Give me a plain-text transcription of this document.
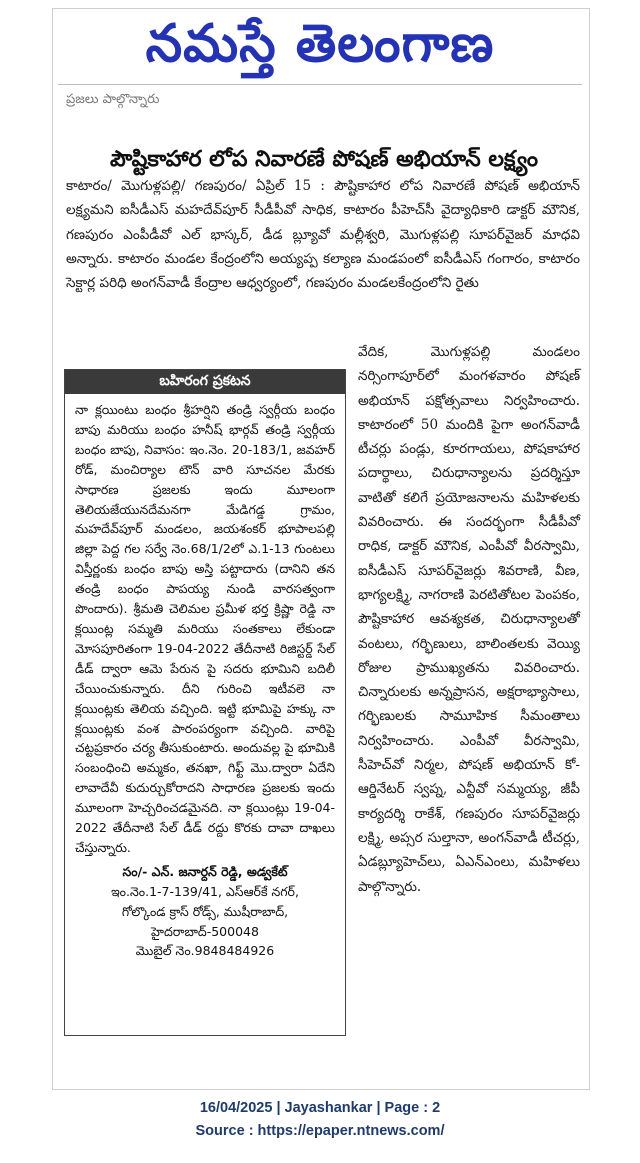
నమస్తే తెలంగాణ
ప్రజలు పాల్గొన్నారు
పౌష్టికాహార లోప నివారణే పోషణ్‌ అభియాన్‌ లక్ష్యం
కాటారం/ మొగుళ్లపల్లి/ గణపురం/ ఏప్రిల్‌ 15 : పౌష్టికాహార లోప నివారణే పోషణ్‌ అభియాన్‌ లక్ష్యమని ఐసీడీఎస్‌ మహదేవ్‌పూర్‌ సీడీపీవో సాధిక, కాటారం పీహెచ్‌సీ వైద్యాధికారి డాక్టర్‌ మౌనిక, గణపురం ఎంపీడీవో ఎల్‌ భాస్కర్‌, డీడ బ్ల్యూవో మల్లీశ్వరి, మొగుళ్లపల్లి సూపర్‌వైజర్‌ మాధవి అన్నారు. కాటారం మండల కేంద్రంలోని అయ్యప్ప కల్యాణ మండపంలో ఐసీడీఎస్‌ గంగారం, కాటారం సెక్టార్ల పరిధి అంగన్‌వాడీ కేంద్రాల ఆధ్వర్యంలో, గణపురం మండలకేంద్రంలోని రైతు
బహిరంగ ప్రకటన
నా క్లయింటు బంధం శ్రీహర్షిని తండ్రి స్వర్గీయ బంధం బాపు మరియు బంధం హనీష్‌ భార్గవ్‌ తండ్రి స్వర్గీయ బంధం బాపు, నివాసం: ఇం.నెం. 20-183/1, జవహర్‌ రోడ్‌, మంచిర్యాల టౌన్‌ వారి సూచనల మేరకు సాధారణ ప్రజలకు ఇందు మూలంగా తెలియజేయునదేమనగా మేడిగడ్డ గ్రామం, మహదేవ్‌పూర్‌ మండలం, జయశంకర్‌ భూపాలపల్లి జిల్లా పెద్ద గల సర్వే నెం.68/1/2లో ఎ.1-13 గుంటలు విస్తీర్ణంకు బంధం బాపు అస్తి పట్టాదారు (దానిని తన తండ్రి బంధం పాపయ్య నుండి వారసత్వంగా పొందారు). శ్రీమతి చెలిమల ప్రమీళ భర్త క్రిష్ణా రెడ్డి నా క్లయింట్ల సమ్మతి మరియు సంతకాలు లేకుండా మోసపూరితంగా 19-04-2022 తేదీనాటి రిజిస్టర్డ్‌ సేల్‌ డీడ్‌ ద్వారా ఆమె పేరున పై సదరు భూమిని బదిలీ చేయించుకున్నారు. దీని గురించి ఇటీవలె నా క్లయింట్లకు తెలియ వచ్చింది. ఇట్టి భూమిపై హక్కు నా క్లయింట్లకు వంశ పారంపర్యంగా వచ్చింది. వారిపై చట్టప్రకారం చర్య తీసుకుంటారు. అందువల్ల పై భూమికి సంబంధించి అమ్మకం, తనఖా, గిఫ్ట్‌ మొ.ద్వారా ఏదేని లావాదేవీ కుదుర్చుకోరాదని సాధారణ ప్రజలకు ఇందు మూలంగా హెచ్చరించడమైనది. నా క్లయింట్లు 19-04-2022 తేదీనాటి సేల్‌ డీడ్‌ రద్దు కొరకు దావా దాఖలు చేస్తున్నారు.
సం/- ఎన్‌. జనార్దన్‌ రెడ్డి, అడ్వకేట్‌
ఇం.నెం.1-7-139/41, ఎస్‌ఆర్‌కే నగర్‌,
గోల్కొండ క్రాస్‌ రోడ్స్‌, ముషీరాబాద్‌,
హైదరాబాద్‌-500048
మొబైల్‌ నెం.9848484926
వేదిక, మొగుళ్లపల్లి మండలం నర్సింగాపూర్‌లో మంగళవారం పోషణ్‌ అభియాన్‌ పక్షోత్సవాలు నిర్వహించారు. కాటారంలో 50 మందికి పైగా అంగన్‌వాడీ టీచర్లు పండ్లు, కూరగాయలు, పోషకాహార పదార్థాలు, చిరుధాన్యాలను ప్రదర్శిస్తూ వాటితో కలిగే ప్రయోజనాలను మహిళలకు వివరించారు. ఈ సందర్భంగా సీడీపీవో రాధిక, డాక్టర్‌ మౌనిక, ఎంపీవో వీరస్వామి, ఐసీడీఎస్‌ సూపర్‌వైజర్లు శివరాణి, వీణ, భాగ్యలక్ష్మి, నాగరాణి పెరటితోటల పెంపకం, పౌష్టికాహార ఆవశ్యకత, చిరుధాన్యాలతో వంటలు, గర్భిణులు, బాలింతలకు వెయ్యి రోజుల ప్రాముఖ్యతను వివరించారు. చిన్నారులకు అన్నప్రాసన, అక్షరాభ్యాసాలు, గర్భిణులకు సామూహిక సీమంతాలు నిర్వహించారు. ఎంపీవో వీరస్వామి, సీహెచ్‌వో నిర్మల, పోషణ్‌ అభియాన్‌ కో-ఆర్డినేటర్‌ స్వప్న, ఎన్టీవో సమ్మయ్య, జీపీ కార్యదర్శి రాకేశ్‌, గణపురం సూపర్‌వైజర్లు లక్ష్మి, అప్సర సుల్తానా, అంగన్‌వాడీ టీచర్లు, ఏడబ్ల్యూహెచ్‌లు, ఏఎన్‌ఎంలు, మహిళలు పాల్గొన్నారు.
16/04/2025 | Jayashankar | Page : 2
Source : https://epaper.ntnews.com/
